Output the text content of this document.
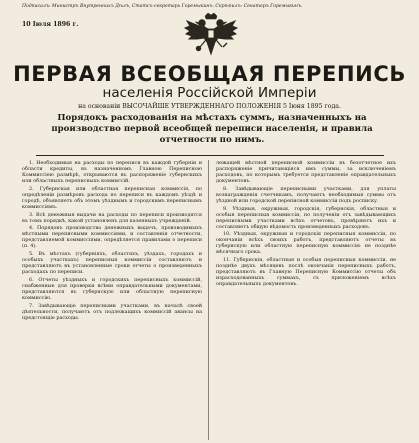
Подписалъ: Министръ Внутреннихъ Дѣлъ, Статсъ-секретарь Горемыкинъ. Скрѣпилъ: Сенаторъ Горемыкинъ.
10 Іюля 1896 г.
ПЕРВАЯ ВСЕОБЩАЯ ПЕРЕПИСЬ
населенія Россійской Имперіи
на основаніи ВЫСОЧАЙШЕ УТВЕРЖДЕННАГО ПОЛОЖЕНІЯ 5 Іюня 1895 года.
Порядокъ расходованія на мѣстахъ суммъ, назначенныхъ на производство первой всеобщей переписи населенія, и правила отчетности по нимъ.

1. Необходимыя на расходы по переписи въ каждой губерніи и области кредиты, въ назначенномъ Главною Переписною Коммиссіею размѣрѣ, открываются въ распоряженіе губернскихъ или областныхъ переписныхъ коммиссій.

2. Губернская или областная переписная коммиссія, по опредѣленіи размѣровъ расхода по переписи въ каждомъ уѣздѣ и городѣ, объявляетъ объ этомъ уѣзднымъ и городскимъ переписнымъ коммиссіямъ.

3. Всѣ денежныя выдачи на расходы по переписи производятся въ томъ порядкѣ, какой установленъ для казенныхъ учрежденій.

4. Порядокъ производства денежныхъ выдачъ, производимыхъ мѣстными переписными коммиссіями, и составленія отчетности, представляемой коммиссіями, опредѣляется правилами о переписи (п. 4).

5. Въ мѣстахъ (губерніяхъ, областяхъ, уѣздахъ, городахъ и особыхъ участкахъ) переписныя коммиссіи составляютъ и представляютъ въ установленные сроки отчеты о произведенныхъ расходахъ по переписи.

6. Отчеты уѣздныхъ и городскихъ переписныхъ коммиссій, снабженные для проверки всѣми оправдательными документами, представляются въ губернскую или областную переписную коммиссію.

7. Завѣдывающіе переписными участками, въ началѣ своей дѣятельности, получаютъ отъ подлежащихъ коммиссій авансы на предстоящіе расходы.

лежащей мѣстной переписной коммиссіи въ безотчетное ихъ распоряженіе причитающіяся имъ суммы, за исключеніемъ расходовъ, по которымъ требуется представленіе оправдательныхъ документовъ.

8. Завѣдывающіе переписными участками, для уплаты вознагражденія счетчикамъ, получаютъ необходимыя суммы отъ уѣздной или городской переписной коммиссіи подъ росписку.

9. Уѣздныя, окружныя, городскія, губернскія, областныя и особыя переписныя коммиссіи, по полученіи отъ завѣдывающихъ переписными участками всѣхъ отчетовъ, провѣряютъ ихъ и составляютъ общую вѣдомость произведенныхъ расходовъ.

10. Уѣздныя, окружныя и городскія переписныя коммиссіи, по окончаніи всѣхъ своихъ работъ, представляютъ отчеты въ губернскую или областную переписную коммиссію не позднѣе мѣсячнаго срока.

11. Губернскія, областныя и особыя переписныя коммиссіи, не позднѣе двухъ мѣсяцевъ послѣ окончанія переписныхъ работъ, представляютъ въ Главную Переписную Коммиссію отчеты объ израсходованныхъ суммахъ, съ приложеніемъ всѣхъ оправдательныхъ документовъ.
